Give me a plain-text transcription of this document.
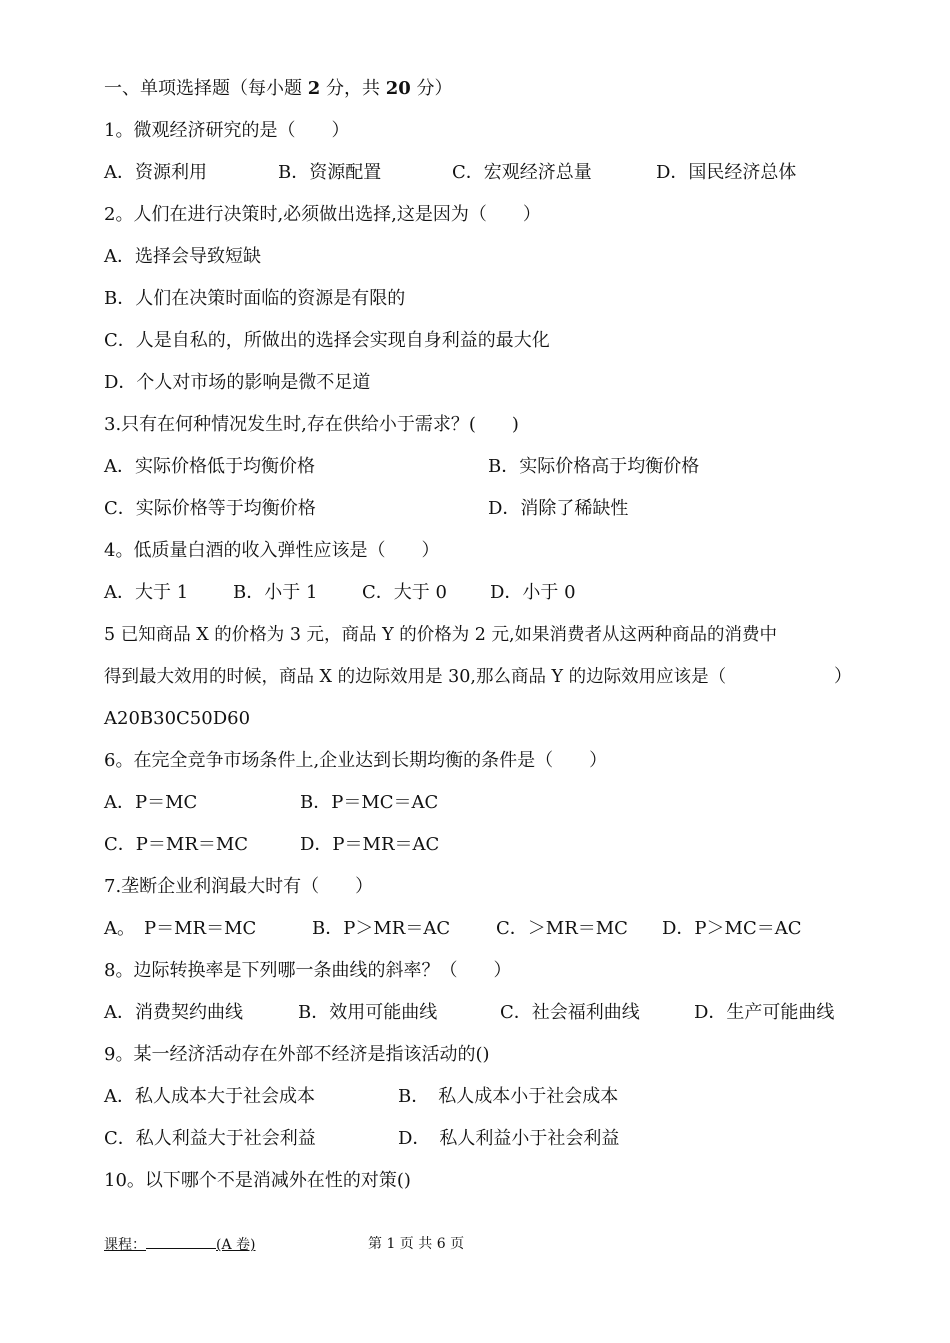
一、单项选择题（每小题 2 分，共 20 分）
1。微观经济研究的是（　　）
A．资源利用	B．资源配置	C．宏观经济总量	D．国民经济总体
2。人们在进行决策时,必须做出选择,这是因为（　　）
A．选择会导致短缺
B．人们在决策时面临的资源是有限的
C．人是自私的，所做出的选择会实现自身利益的最大化
D．个人对市场的影响是微不足道
3.只有在何种情况发生时,存在供给小于需求？(　　)
A．实际价格低于均衡价格	B．实际价格高于均衡价格
C．实际价格等于均衡价格	D．消除了稀缺性
4。低质量白酒的收入弹性应该是（　　）
A．大于 1 B．小于 1 C．大于 0 D．小于 0
5 已知商品 X 的价格为 3 元，商品 Y 的价格为 2 元,如果消费者从这两种商品的消费中
得到最大效用的时候，商品 X 的边际效用是 30,那么商品 Y 的边际效用应该是（	）
A20B30C50D60
6。在完全竞争市场条件上,企业达到长期均衡的条件是（　　）
A．P＝MC	B．P＝MC＝AC
C．P＝MR＝MC	D．P＝MR＝AC
7.垄断企业利润最大时有（　　）
A。　P＝MR＝MC	B．P＞MR＝AC	C．＞MR＝MC D．P＞MC＝AC
8。边际转换率是下列哪一条曲线的斜率？（　　）
A．消费契约曲线	B．效用可能曲线	C．社会福利曲线	D．生产可能曲线
9。某一经济活动存在外部不经济是指该活动的()
A．私人成本大于社会成本	B．　私人成本小于社会成本
C．私人利益大于社会利益	D．　私人利益小于社会利益
10。以下哪个不是消减外在性的对策()
课程：	(A 卷)	第 1 页 共 6 页
